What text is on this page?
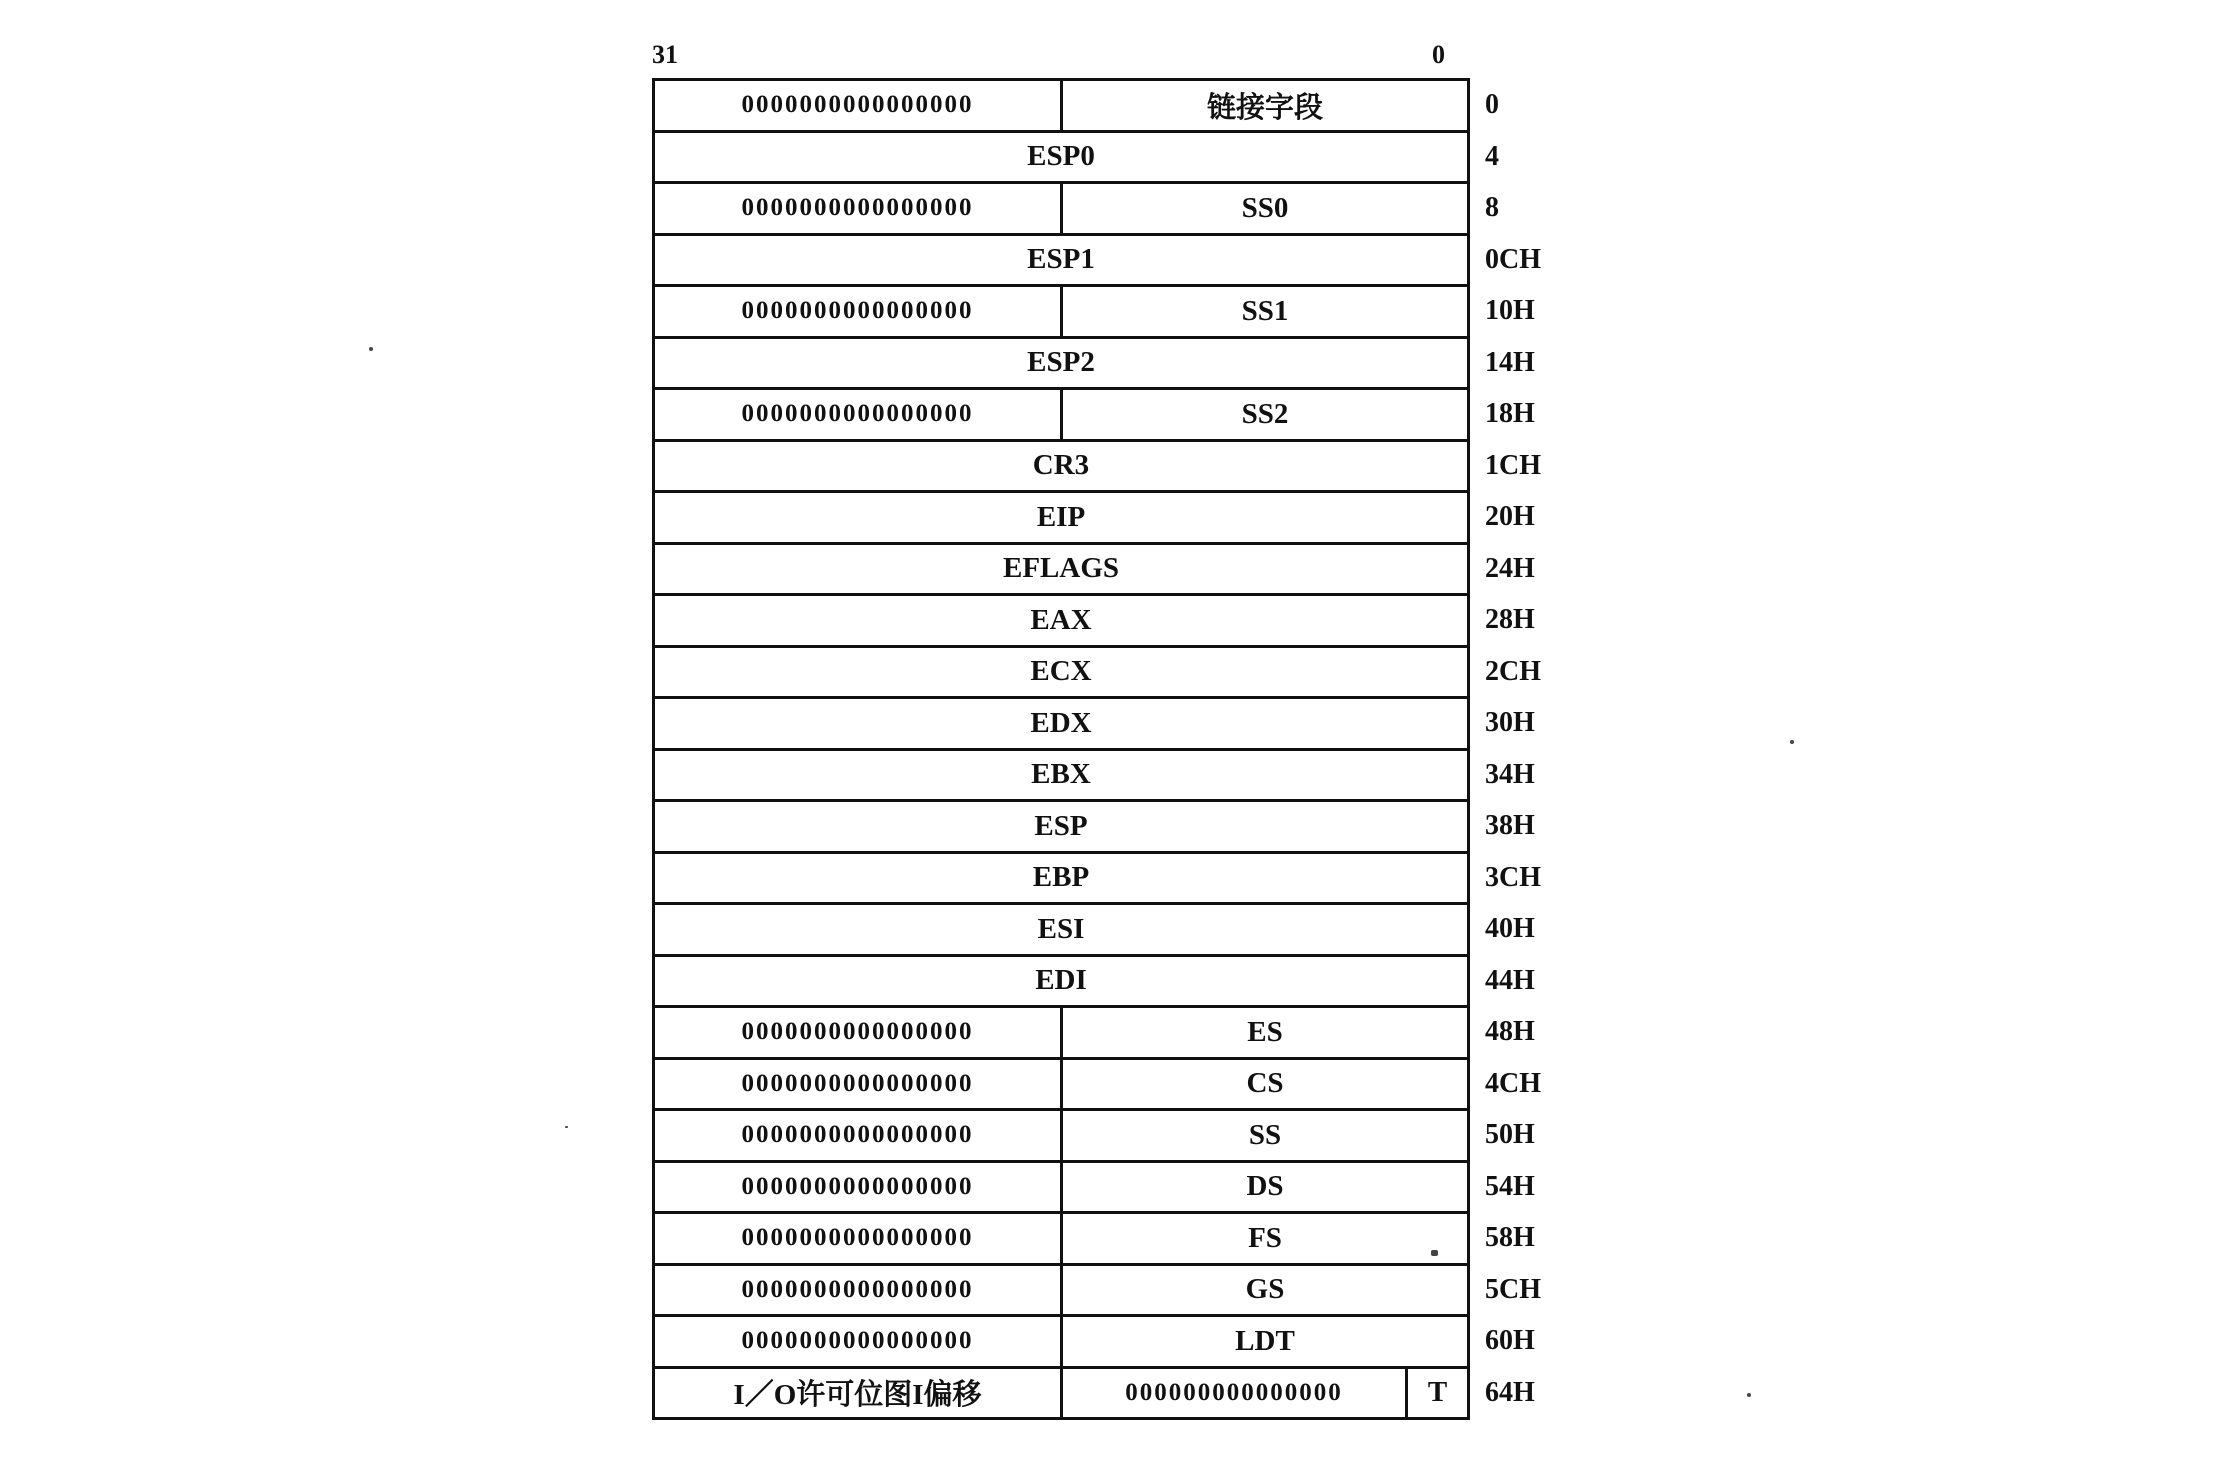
31	0
0000000000000000	链接字段	0
ESP0	4
0000000000000000	SS0	8
ESP1	0CH
0000000000000000	SS1	10H
ESP2	14H
0000000000000000	SS2	18H
CR3	1CH
EIP	20H
EFLAGS	24H
EAX	28H
ECX	2CH
EDX	30H
EBX	34H
ESP	38H
EBP	3CH
ESI	40H
EDI	44H
0000000000000000	ES	48H
0000000000000000	CS	4CH
0000000000000000	SS	50H
0000000000000000	DS	54H
0000000000000000	FS	58H
0000000000000000	GS	5CH
0000000000000000	LDT	60H
I／O许可位图I偏移	000000000000000	T	64H
